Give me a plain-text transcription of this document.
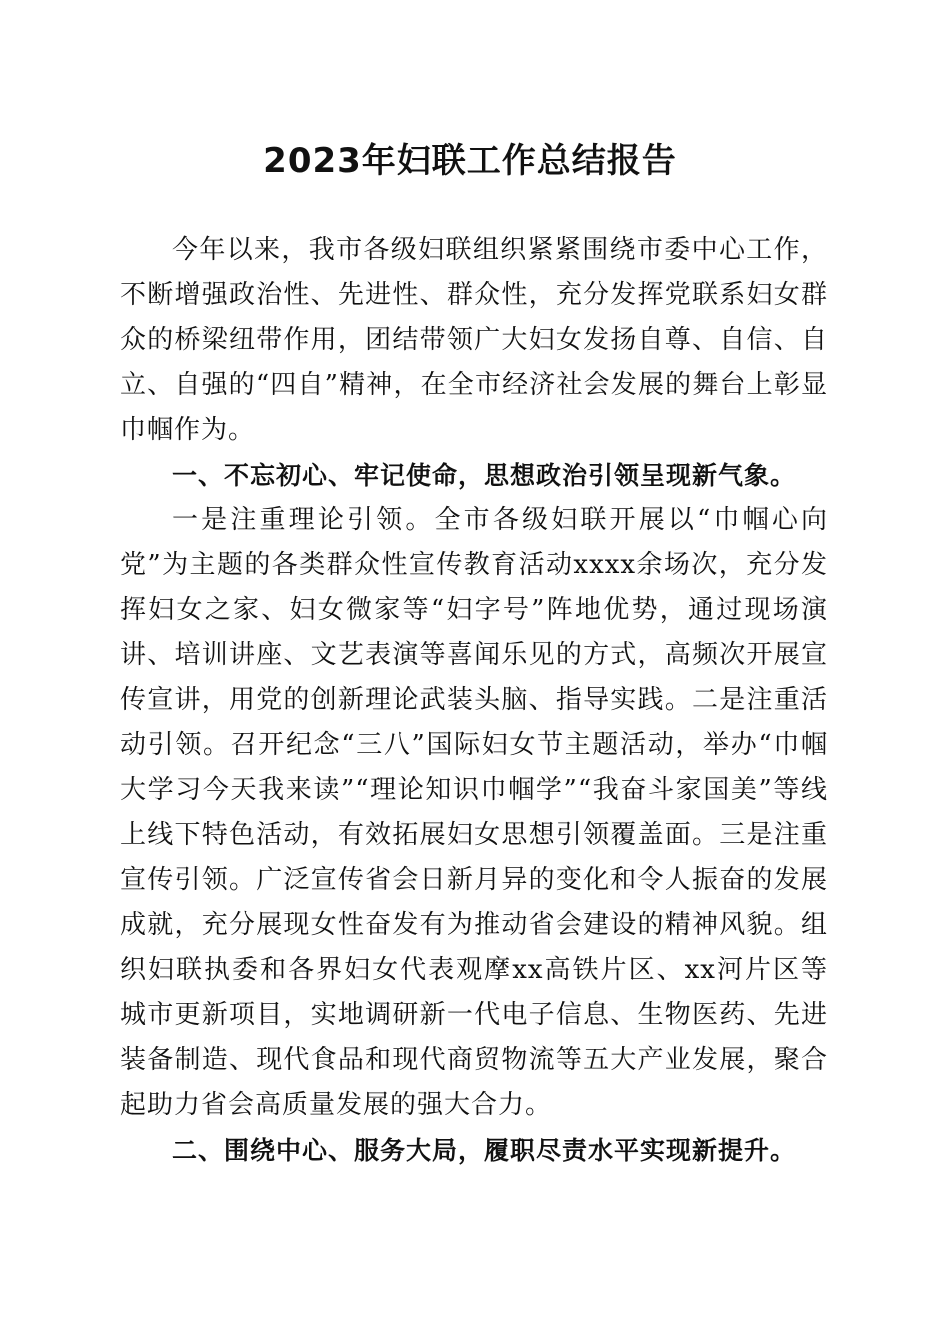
2023年妇联工作总结报告

今年以来，我市各级妇联组织紧紧围绕市委中心工作，不断增强政治性、先进性、群众性，充分发挥党联系妇女群众的桥梁纽带作用，团结带领广大妇女发扬自尊、自信、自立、自强的“四自”精神，在全市经济社会发展的舞台上彰显巾帼作为。

一、不忘初心、牢记使命，思想政治引领呈现新气象。

一是注重理论引领。全市各级妇联开展以“巾帼心向党”为主题的各类群众性宣传教育活动xxxx余场次，充分发挥妇女之家、妇女微家等“妇字号”阵地优势，通过现场演讲、培训讲座、文艺表演等喜闻乐见的方式，高频次开展宣传宣讲，用党的创新理论武装头脑、指导实践。二是注重活动引领。召开纪念“三八”国际妇女节主题活动，举办“巾帼大学习今天我来读”“理论知识巾帼学”“我奋斗家国美”等线上线下特色活动，有效拓展妇女思想引领覆盖面。三是注重宣传引领。广泛宣传省会日新月异的变化和令人振奋的发展成就，充分展现女性奋发有为推动省会建设的精神风貌。组织妇联执委和各界妇女代表观摩xx高铁片区、xx河片区等城市更新项目，实地调研新一代电子信息、生物医药、先进装备制造、现代食品和现代商贸物流等五大产业发展，聚合起助力省会高质量发展的强大合力。

二、围绕中心、服务大局，履职尽责水平实现新提升。
